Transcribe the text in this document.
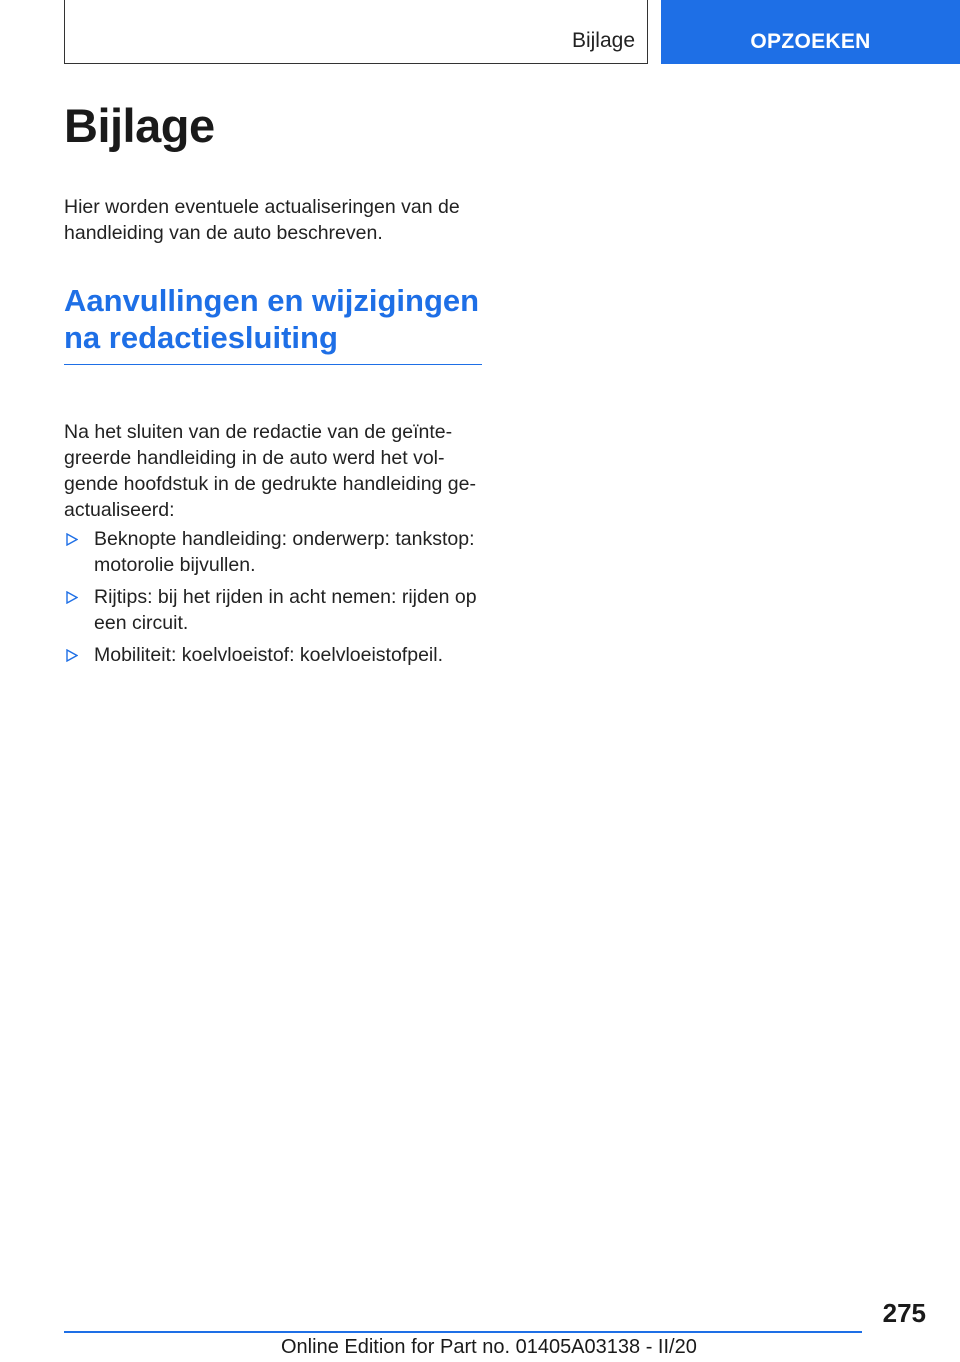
Bijlage	OPZOEKEN
Bijlage

Hier worden eventuele actualiseringen van de handleiding van de auto beschreven.

Aanvullingen en wijzigingen na redactiesluiting

Na het sluiten van de redactie van de geïnte-
greerde handleiding in de auto werd het vol-
gende hoofdstuk in de gedrukte handleiding ge-
actualiseerd:

Beknopte handleiding: onderwerp: tankstop: motorolie bijvullen.
Rijtips: bij het rijden in acht nemen: rijden op een circuit.
Mobiliteit: koelvloeistof: koelvloeistofpeil.
275
Online Edition for Part no. 01405A03138 - II/20
